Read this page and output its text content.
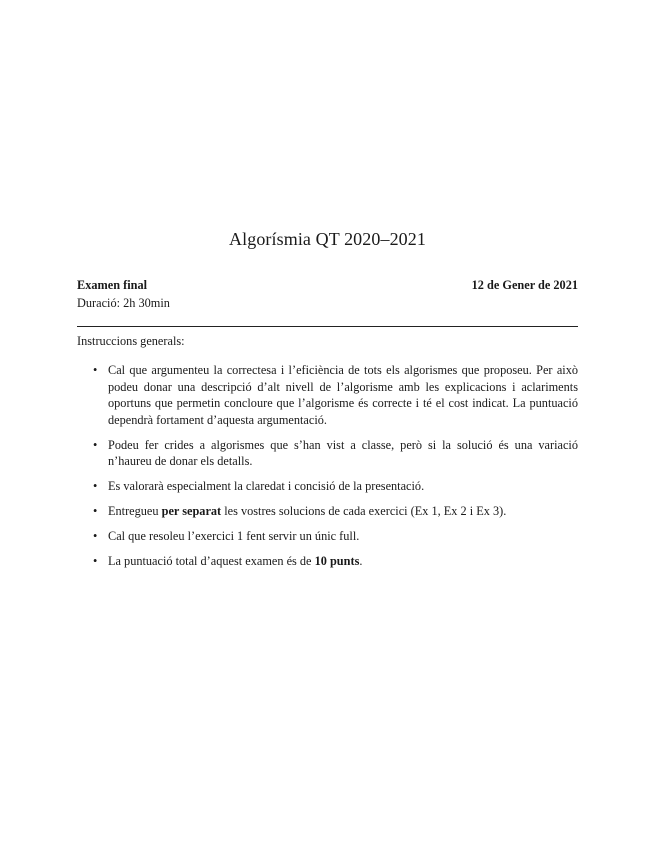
Algorísmia QT 2020–2021
Examen final	12 de Gener de 2021
Duració: 2h 30min
Instruccions generals:
• Cal que argumenteu la correctesa i l’eficiència de tots els algorismes que proposeu. Per això podeu donar una descripció d’alt nivell de l’algorisme amb les explicacions i aclariments oportuns que permetin concloure que l’algorisme és correcte i té el cost indicat. La puntuació dependrà fortament d’aquesta argumentació.
• Podeu fer crides a algorismes que s’han vist a classe, però si la solució és una variació n’haureu de donar els detalls.
• Es valorarà especialment la claredat i concisió de la presentació.
• Entregueu per separat les vostres solucions de cada exercici (Ex 1, Ex 2 i Ex 3).
• Cal que resoleu l’exercici 1 fent servir un únic full.
• La puntuació total d’aquest examen és de 10 punts.
